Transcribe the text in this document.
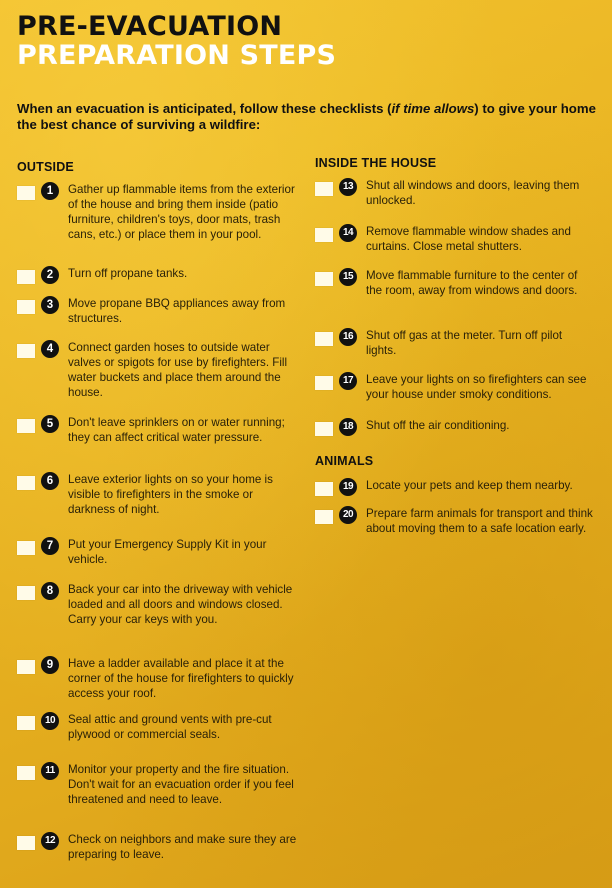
PRE-EVACUATION
PREPARATION STEPS

When an evacuation is anticipated, follow these checklists (if time allows) to give your home the best chance of surviving a wildfire:

OUTSIDE
1	Gather up flammable items from the exterior of the house and bring them inside (patio furniture, children's toys, door mats, trash cans, etc.) or place them in your pool.
2	Turn off propane tanks.
3	Move propane BBQ appliances away from structures.
4	Connect garden hoses to outside water valves or spigots for use by firefighters. Fill water buckets and place them around the house.
5	Don't leave sprinklers on or water running; they can affect critical water pressure.
6	Leave exterior lights on so your home is visible to firefighters in the smoke or darkness of night.
7	Put your Emergency Supply Kit in your vehicle.
8	Back your car into the driveway with vehicle loaded and all doors and windows closed. Carry your car keys with you.
9	Have a ladder available and place it at the corner of the house for firefighters to quickly access your roof.
10	Seal attic and ground vents with pre-cut plywood or commercial seals.
11	Monitor your property and the fire situation. Don't wait for an evacuation order if you feel threatened and need to leave.
12	Check on neighbors and make sure they are preparing to leave.
INSIDE THE HOUSE
13	Shut all windows and doors, leaving them unlocked.
14	Remove flammable window shades and curtains. Close metal shutters.
15	Move flammable furniture to the center of the room, away from windows and doors.
16	Shut off gas at the meter. Turn off pilot lights.
17	Leave your lights on so firefighters can see your house under smoky conditions.
18	Shut off the air conditioning.
ANIMALS
19	Locate your pets and keep them nearby.
20	Prepare farm animals for transport and think about moving them to a safe location early.
